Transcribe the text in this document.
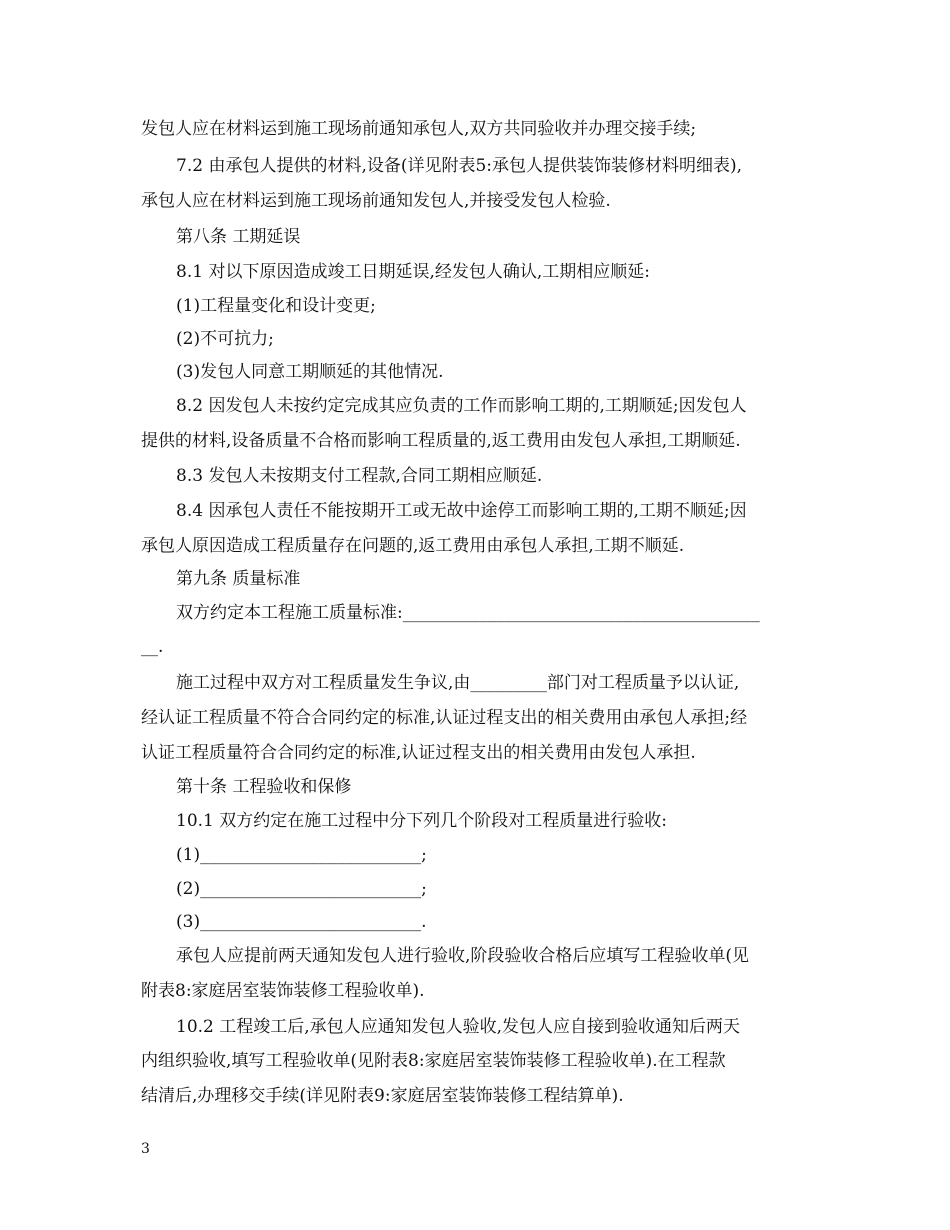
发包人应在材料运到施工现场前通知承包人,双方共同验收并办理交接手续;
7.2 由承包人提供的材料,设备(详见附表5:承包人提供装饰装修材料明细表),
承包人应在材料运到施工现场前通知发包人,并接受发包人检验.
第八条 工期延误
8.1 对以下原因造成竣工日期延误,经发包人确认,工期相应顺延:
(1)工程量变化和设计变更;
(2)不可抗力;
(3)发包人同意工期顺延的其他情况.
8.2 因发包人未按约定完成其应负责的工作而影响工期的,工期顺延;因发包人
提供的材料,设备质量不合格而影响工程质量的,返工费用由发包人承担,工期顺延.
8.3 发包人未按期支付工程款,合同工期相应顺延.
8.4 因承包人责任不能按期开工或无故中途停工而影响工期的,工期不顺延;因
承包人原因造成工程质量存在问题的,返工费用由承包人承担,工期不顺延.
第九条 质量标准
双方约定本工程施工质量标准:__________________________________________
__.
施工过程中双方对工程质量发生争议,由_________部门对工程质量予以认证,
经认证工程质量不符合合同约定的标准,认证过程支出的相关费用由承包人承担;经
认证工程质量符合合同约定的标准,认证过程支出的相关费用由发包人承担.
第十条 工程验收和保修
10.1 双方约定在施工过程中分下列几个阶段对工程质量进行验收:
(1)__________________________;
(2)__________________________;
(3)__________________________.
承包人应提前两天通知发包人进行验收,阶段验收合格后应填写工程验收单(见
附表8:家庭居室装饰装修工程验收单).
10.2 工程竣工后,承包人应通知发包人验收,发包人应自接到验收通知后两天
内组织验收,填写工程验收单(见附表8:家庭居室装饰装修工程验收单).在工程款
结清后,办理移交手续(详见附表9:家庭居室装饰装修工程结算单).
3
